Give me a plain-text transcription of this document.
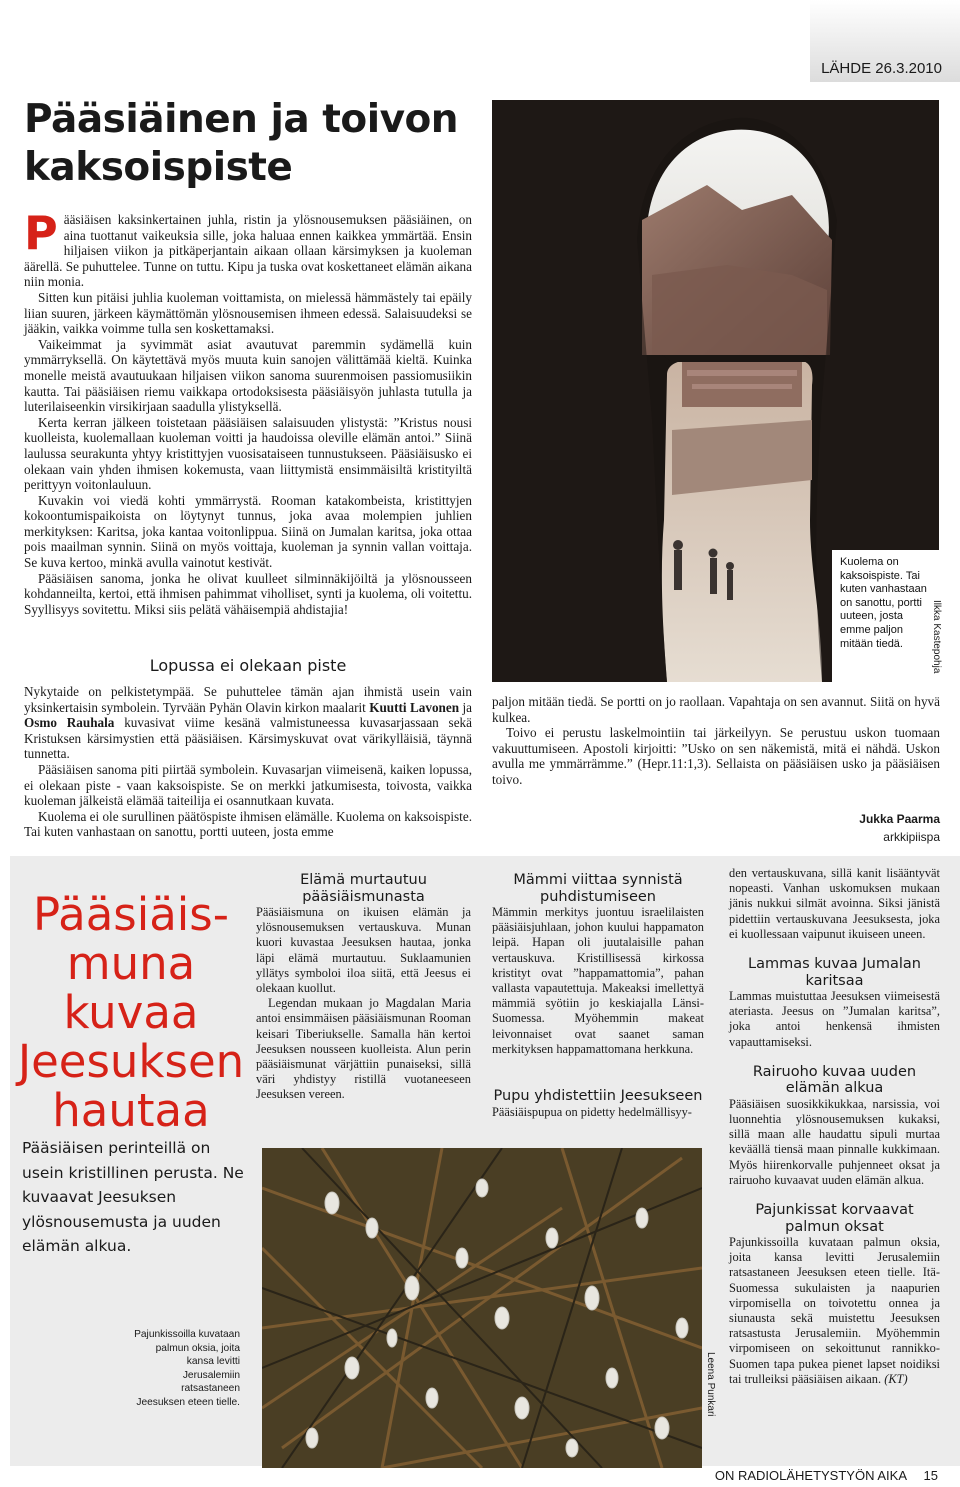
LÄHDE 26.3.2010
Pääsiäinen ja toivon kaksoispiste

Pääsiäisen kaksinkertainen juhla, ristin ja ylösnousemuksen pääsiäinen, on aina tuottanut vaikeuksia sille, joka haluaa ennen kaikkea ymmärtää. Ensin hiljaisen viikon ja pitkäperjantain aikaan ollaan kärsimyksen ja kuoleman äärellä. Se puhuttelee. Tunne on tuttu. Kipu ja tuska ovat koskettaneet elämän aikana niin monia.

Sitten kun pitäisi juhlia kuoleman voittamista, on mielessä hämmästely tai epäily liian suuren, järkeen käymättömän ylösnousemisen ihmeen edessä. Salaisuudeksi se jääkin, vaikka voimme tulla sen koskettamaksi.

Vaikeimmat ja syvimmät asiat avautuvat paremmin sydämellä kuin ymmärryksellä. On käytettävä myös muuta kuin sanojen välittämää kieltä. Kuinka monelle meistä avautuukaan hiljaisen viikon sanoma suurenmoisen passiomusiikin kautta. Tai pääsiäisen riemu vaikkapa ortodoksisesta pääsiäisyön juhlasta tutulla ja luterilaiseenkin virsikirjaan saadulla ylistyksellä.

Kerta kerran jälkeen toistetaan pääsiäisen salaisuuden ylistystä: ”Kristus nousi kuolleista, kuolemallaan kuoleman voitti ja haudoissa oleville elämän antoi.” Siinä laulussa seurakunta yhtyy kristittyjen vuosisataiseen tunnustukseen. Pääsiäisusko ei olekaan vain yhden ihmisen kokemusta, vaan liittymistä ensimmäisiltä kristityiltä perittyyn voitonlauluun.

Kuvakin voi viedä kohti ymmärrystä. Rooman katakombeista, kristittyjen kokoontumispaikoista on löytynyt tunnus, joka avaa molempien juhlien merkityksen: Karitsa, joka kantaa voitonlippua. Siinä on Jumalan karitsa, joka ottaa pois maailman synnin. Siinä on myös voittaja, kuoleman ja synnin vallan voittaja. Se kuva kertoo, minkä avulla vainotut kestivät.

Pääsiäisen sanoma, jonka he olivat kuulleet silminnäkijöiltä ja ylösnousseen kohdanneilta, kertoi, että ihmisen pahimmat viholliset, synti ja kuolema, oli voitettu. Syyllisyys sovitettu. Miksi siis pelätä vähäisempiä ahdistajia!

Lopussa ei olekaan piste

Nykytaide on pelkistetympää. Se puhuttelee tämän ajan ihmistä usein vain yksinkertaisin symbolein. Tyrvään Pyhän Olavin kirkon maalarit Kuutti Lavonen ja Osmo Rauhala kuvasivat viime kesänä valmistuneessa kuvasarjassaan sekä Kristuksen kärsimystien että pääsiäisen. Kärsimyskuvat ovat värikylläisiä, täynnä tunnetta.

Pääsiäisen sanoma piti piirtää symbolein. Kuvasarjan viimeisenä, kaiken lopussa, ei olekaan piste - vaan kaksoispiste. Se on merkki jatkumisesta, toivosta, vaikka kuoleman jälkeistä elämää taiteilija ei osannutkaan kuvata.

Kuolema ei ole surullinen päätöspiste ihmisen elämälle. Kuolema on kaksoispiste. Tai kuten vanhastaan on sanottu, portti uuteen, josta emme

Kuolema on kaksoispiste. Tai kuten vanhastaan on sanottu, portti uuteen, josta emme paljon mitään tiedä.	Ilkka Kastepohja

paljon mitään tiedä. Se portti on jo raollaan. Vapahtaja on sen avannut. Siitä on hyvä kulkea.

Toivo ei perustu laskelmointiin tai järkeilyyn. Se perustuu uskon tuomaan vakuuttumiseen. Apostoli kirjoitti: ”Usko on sen näkemistä, mitä ei nähdä. Uskon avulla me ymmärrämme.” (Hepr.11:1,3). Sellaista on pääsiäisen usko ja pääsiäisen toivo.

Jukka Paarma
arkkipiispa
Pääsiäis-muna kuvaa Jeesuksen hautaa

Pääsiäisen perinteillä on usein kristillinen perusta. Ne kuvaavat Jeesuksen ylösnousemusta ja uuden elämän alkua.

Elämä murtautuu pääsiäismunasta

Pääsiäismuna on ikuisen elämän ja ylösnousemuksen vertauskuva. Munan kuori kuvastaa Jeesuksen hautaa, jonka läpi elämä murtautuu. Suklaamunien yllätys symboloi iloa siitä, että Jeesus ei olekaan kuollut.

Legendan mukaan jo Magdalan Maria antoi ensimmäisen pääsiäismunan Rooman keisari Tiberiukselle. Samalla hän kertoi Jeesuksen nousseen kuolleista. Alun perin pääsiäismunat värjättiin punaiseksi, sillä väri yhdistyy ristillä vuotaneeseen Jeesuksen vereen.

Mämmi viittaa synnistä puhdistumiseen

Mämmin merkitys juontuu israelilaisten pääsiäisjuhlaan, johon kuului happamaton leipä. Hapan oli juutalaisille pahan vertauskuva. Kristillisessä kirkossa kristityt ovat ”happamattomia”, pahan vallasta vapautettuja. Makeaksi imellettyä mämmiä syötiin jo keskiajalla Länsi-Suomessa. Myöhemmin makeat leivonnaiset ovat saanet saman merkityksen happamattomana herkkuna.

Pupu yhdistettiin Jeesukseen

Pääsiäispupua on pidetty hedelmällisyy-

den vertauskuvana, sillä kanit lisääntyvät nopeasti. Vanhan uskomuksen mukaan jänis nukkui silmät avoinna. Siksi jänistä pidettiin vertauskuvana Jeesuksesta, joka ei kuollessaan vaipunut ikuiseen uneen.

Lammas kuvaa Jumalan karitsaa

Lammas muistuttaa Jeesuksen viimeisestä ateriasta. Jeesus on ”Jumalan karitsa”, joka antoi henkensä ihmisten vapauttamiseksi.

Rairuoho kuvaa uuden elämän alkua

Pääsiäisen suosikkikukkaa, narsissia, voi luonnehtia ylösnousemuksen kukaksi, sillä maan alle haudattu sipuli murtaa keväällä tiensä maan pinnalle kukkimaan. Myös hiirenkorvalle puhjenneet oksat ja rairuoho kuvaavat uuden elämän alkua.

Pajunkissat korvaavat palmun oksat

Pajunkissoilla kuvataan palmun oksia, joita kansa levitti Jerusalemiin ratsastaneen Jeesuksen eteen tielle. Itä-Suomessa sukulaisten ja naapurien virpomisella on toivotettu onnea ja siunausta sekä muistettu Jeesuksen ratsastusta Jerusalemiin. Myöhemmin virpomiseen on sekoittunut rannikko-Suomen tapa pukea pienet lapset noidiksi tai trulleiksi pääsiäisen aikaan. (KT)

Pajunkissoilla kuvataan palmun oksia, joita kansa levitti Jerusalemiin ratsastaneen Jeesuksen eteen tielle.	Leena Punkari
ON RADIOLÄHETYSTYÖN AIKA 15
